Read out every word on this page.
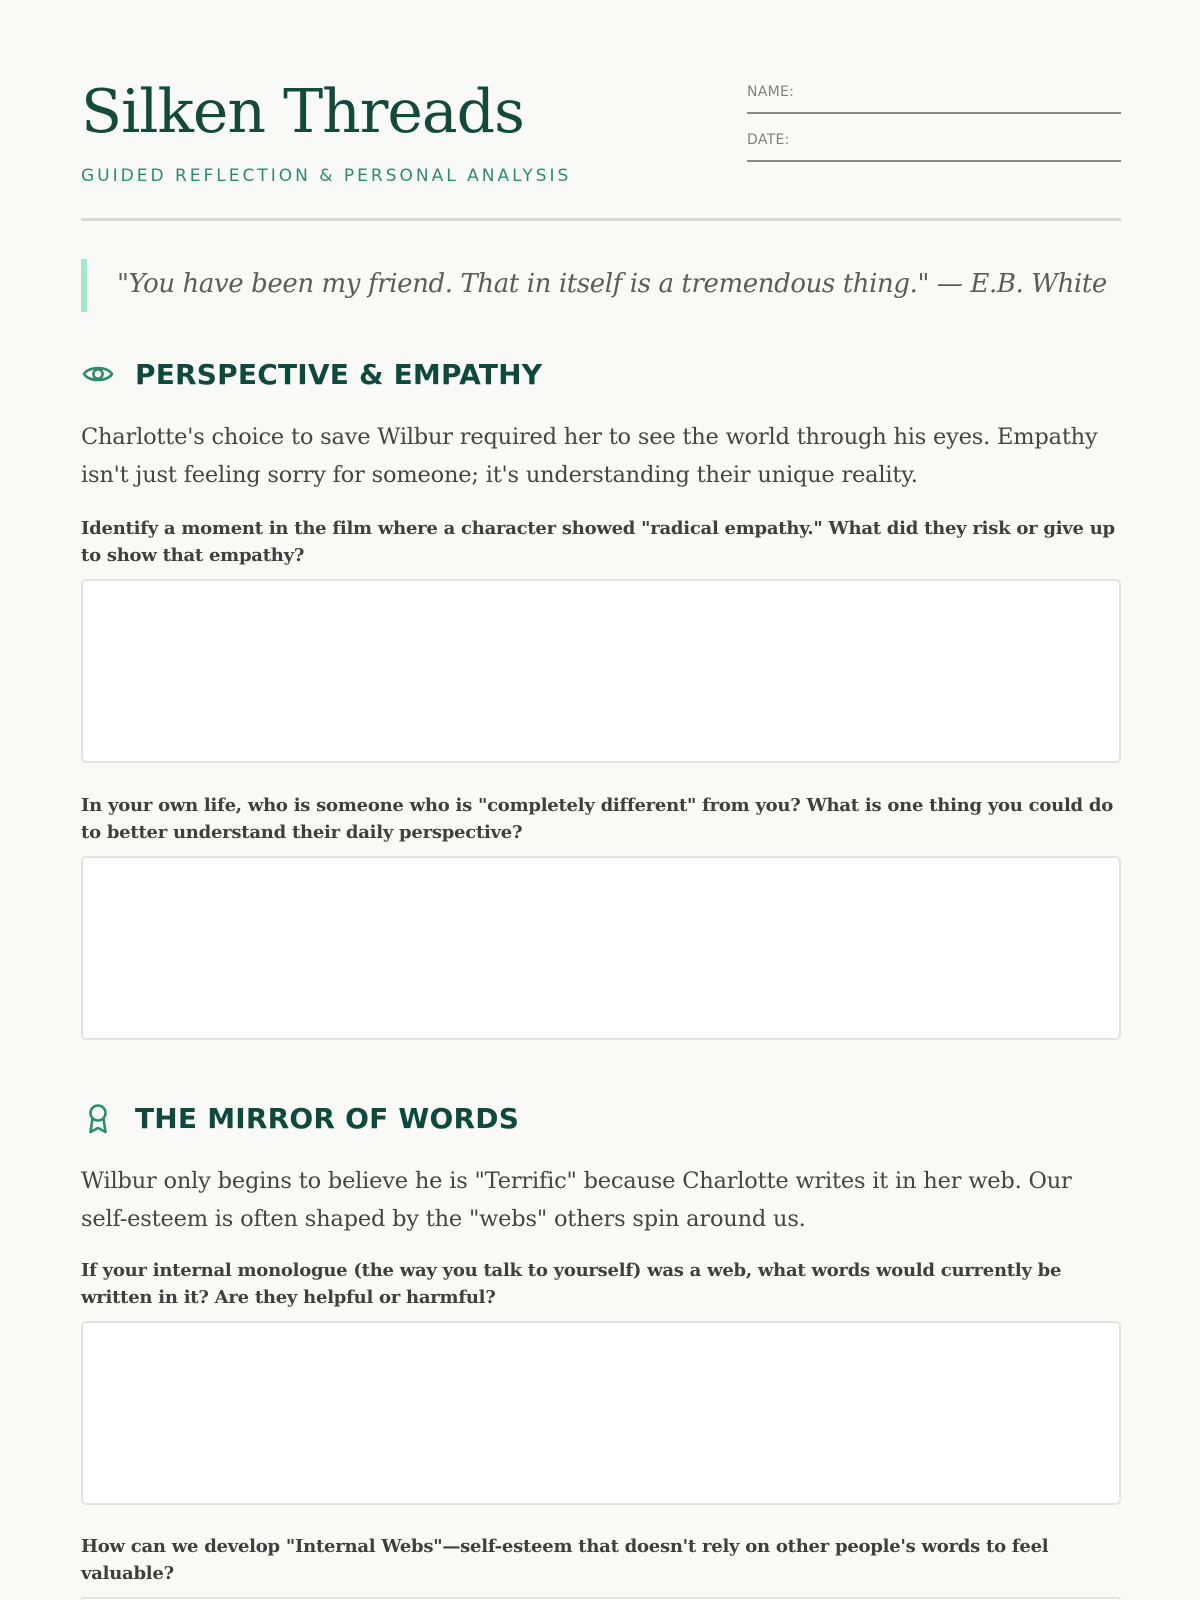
Silken Threads
GUIDED REFLECTION & PERSONAL ANALYSIS
NAME:
DATE:
"You have been my friend. That in itself is a tremendous thing." — E.B. White
PERSPECTIVE & EMPATHY

Charlotte's choice to save Wilbur required her to see the world through his eyes. Empathy isn't just feeling sorry for someone; it's understanding their unique reality.

Identify a moment in the film where a character showed "radical empathy." What did they risk or give up to show that empathy?

In your own life, who is someone who is "completely different" from you? What is one thing you could do to better understand their daily perspective?

THE MIRROR OF WORDS

Wilbur only begins to believe he is "Terrific" because Charlotte writes it in her web. Our self-esteem is often shaped by the "webs" others spin around us.

If your internal monologue (the way you talk to yourself) was a web, what words would currently be written in it? Are they helpful or harmful?

How can we develop "Internal Webs"—self-esteem that doesn't rely on other people's words to feel valuable?
